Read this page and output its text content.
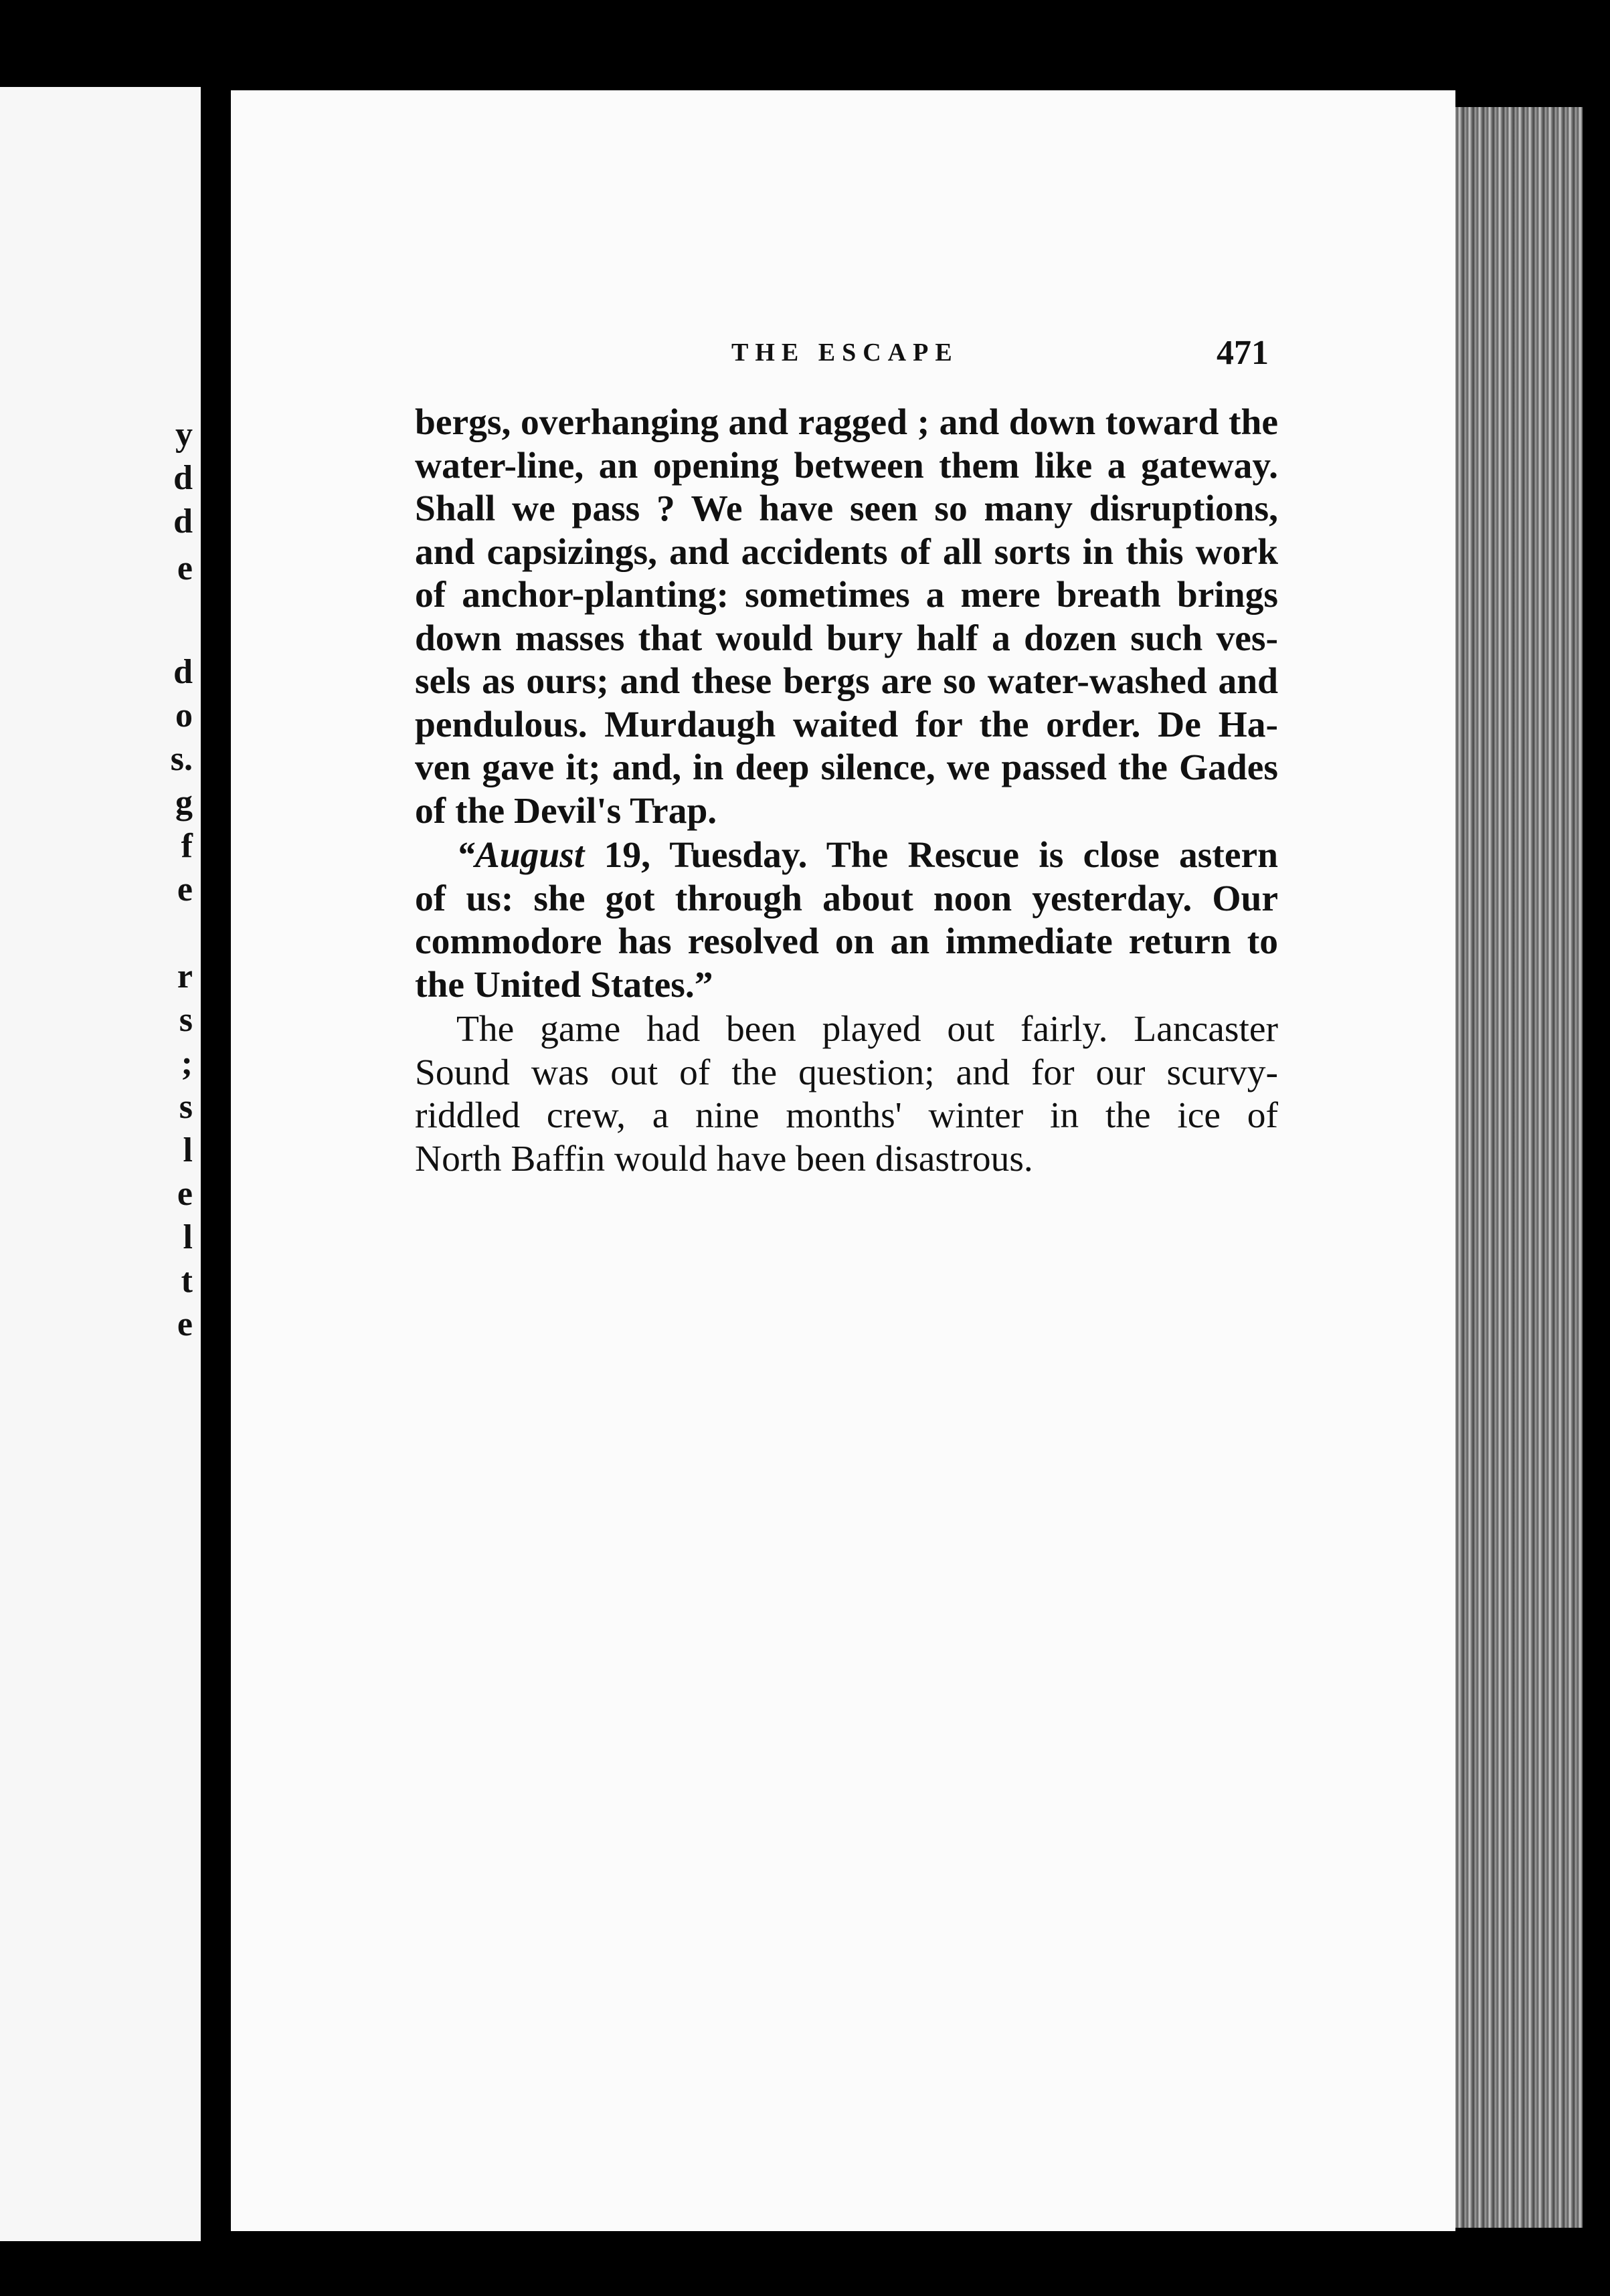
y
d
d
e
d
o
s.
g
f
e
r
s
;
s
l
e
l
t
e
THE ESCAPE	471
bergs, overhanging and ragged ; and down toward the
water-line, an opening between them like a gateway.
Shall we pass ? We have seen so many disruptions,
and capsizings, and accidents of all sorts in this work
of anchor-planting: sometimes a mere breath brings
down masses that would bury half a dozen such ves-
sels as ours; and these bergs are so water-washed and
pendulous. Murdaugh waited for the order. De Ha-
ven gave it; and, in deep silence, we passed the Gades
of the Devil's Trap.
“August 19, Tuesday. The Rescue is close astern
of us: she got through about noon yesterday. Our
commodore has resolved on an immediate return to
the United States.”
The game had been played out fairly. Lancaster
Sound was out of the question; and for our scurvy-
riddled crew, a nine months' winter in the ice of
North Baffin would have been disastrous.
